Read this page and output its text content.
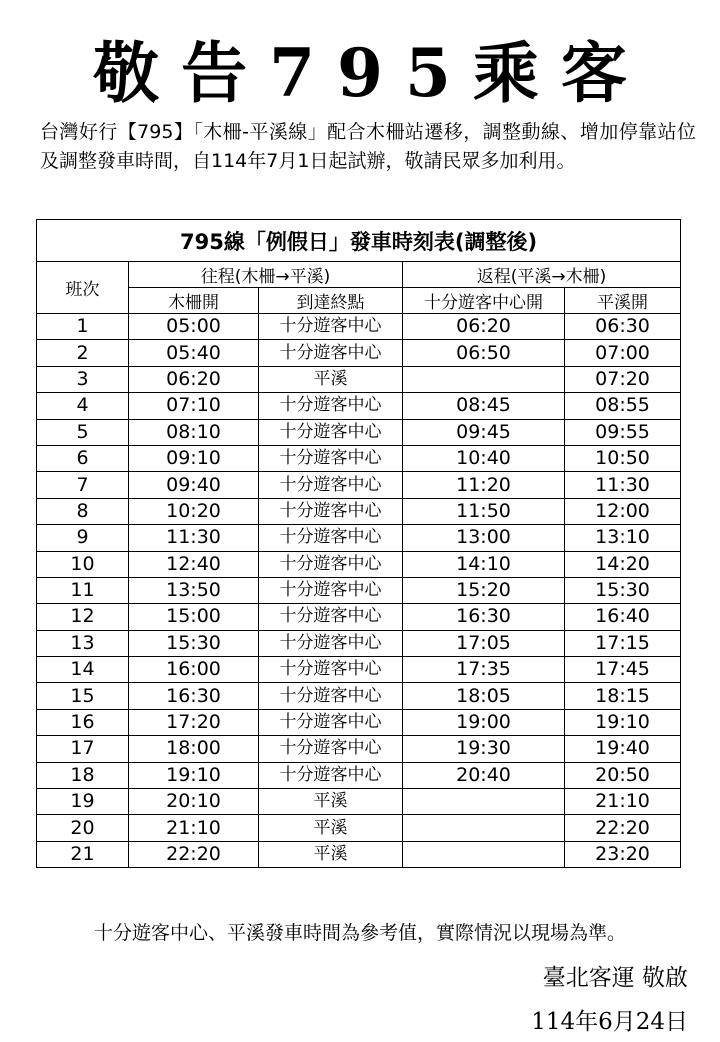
敬告795乘客
台灣好行【795】「木柵-平溪線」配合木柵站遷移，調整動線、增加停靠站位及調整發車時間，自114年7月1日起試辦，敬請民眾多加利用。
795線「例假日」發車時刻表(調整後)				
班次	往程(木柵→平溪)		返程(平溪→木柵)	
	木柵開	到達終點	十分遊客中心開	平溪開
1	05:00	十分遊客中心	06:20	06:30
2	05:40	十分遊客中心	06:50	07:00
3	06:20	平溪		07:20
4	07:10	十分遊客中心	08:45	08:55
5	08:10	十分遊客中心	09:45	09:55
6	09:10	十分遊客中心	10:40	10:50
7	09:40	十分遊客中心	11:20	11:30
8	10:20	十分遊客中心	11:50	12:00
9	11:30	十分遊客中心	13:00	13:10
10	12:40	十分遊客中心	14:10	14:20
11	13:50	十分遊客中心	15:20	15:30
12	15:00	十分遊客中心	16:30	16:40
13	15:30	十分遊客中心	17:05	17:15
14	16:00	十分遊客中心	17:35	17:45
15	16:30	十分遊客中心	18:05	18:15
16	17:20	十分遊客中心	19:00	19:10
17	18:00	十分遊客中心	19:30	19:40
18	19:10	十分遊客中心	20:40	20:50
19	20:10	平溪		21:10
20	21:10	平溪		22:20
21	22:20	平溪		23:20
十分遊客中心、平溪發車時間為參考值，實際情況以現場為準。
臺北客運 敬啟
114年6月24日
